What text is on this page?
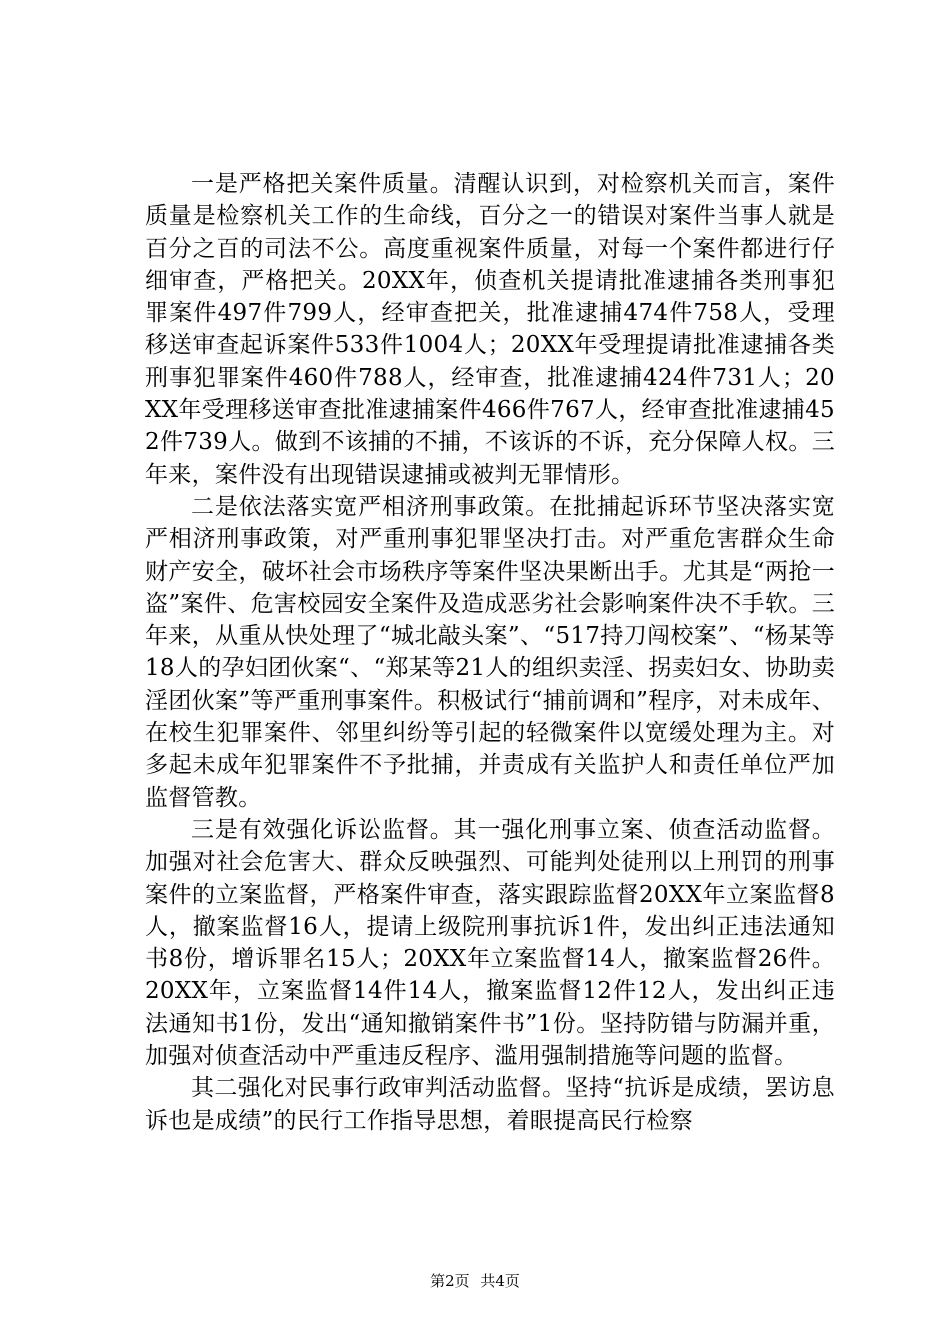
一是严格把关案件质量。清醒认识到，对检察机关而言，案件质量是检察机关工作的生命线，百分之一的错误对案件当事人就是百分之百的司法不公。高度重视案件质量，对每一个案件都进行仔细审查，严格把关。20XX年，侦查机关提请批准逮捕各类刑事犯罪案件497件799人，经审查把关，批准逮捕474件758人，受理移送审查起诉案件533件1004人；20XX年受理提请批准逮捕各类刑事犯罪案件460件788人，经审查，批准逮捕424件731人；20XX年受理移送审查批准逮捕案件466件767人，经审查批准逮捕452件739人。做到不该捕的不捕，不该诉的不诉，充分保障人权。三年来，案件没有出现错误逮捕或被判无罪情形。

二是依法落实宽严相济刑事政策。在批捕起诉环节坚决落实宽严相济刑事政策，对严重刑事犯罪坚决打击。对严重危害群众生命财产安全，破坏社会市场秩序等案件坚决果断出手。尤其是“两抢一盗”案件、危害校园安全案件及造成恶劣社会影响案件决不手软。三年来，从重从快处理了“城北敲头案”、“517持刀闯校案”、“杨某等18人的孕妇团伙案“、“郑某等21人的组织卖淫、拐卖妇女、协助卖淫团伙案”等严重刑事案件。积极试行“捕前调和”程序，对未成年、在校生犯罪案件、邻里纠纷等引起的轻微案件以宽缓处理为主。对多起未成年犯罪案件不予批捕，并责成有关监护人和责任单位严加监督管教。

三是有效强化诉讼监督。其一强化刑事立案、侦查活动监督。加强对社会危害大、群众反映强烈、可能判处徒刑以上刑罚的刑事案件的立案监督，严格案件审查，落实跟踪监督20XX年立案监督8人，撤案监督16人，提请上级院刑事抗诉1件，发出纠正违法通知书8份，增诉罪名15人；20XX年立案监督14人，撤案监督26件。20XX年，立案监督14件14人，撤案监督12件12人，发出纠正违法通知书1份，发出“通知撤销案件书”1份。坚持防错与防漏并重，加强对侦查活动中严重违反程序、滥用强制措施等问题的监督。

其二强化对民事行政审判活动监督。坚持“抗诉是成绩，罢访息诉也是成绩”的民行工作指导思想，着眼提高民行检察

第2页 共4页
